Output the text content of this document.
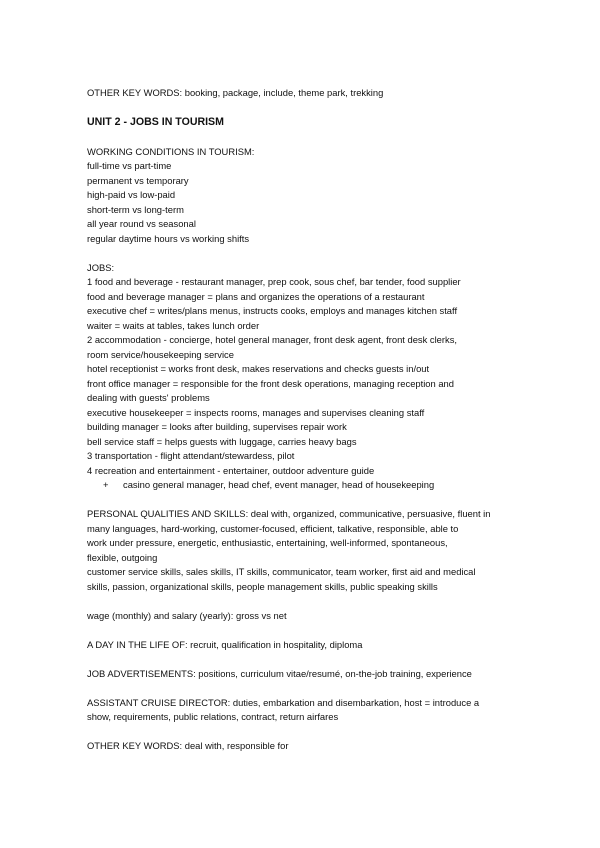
OTHER KEY WORDS: booking, package, include, theme park, trekking
UNIT 2 - JOBS IN TOURISM
WORKING CONDITIONS IN TOURISM:
full-time vs part-time
permanent vs temporary
high-paid vs low-paid
short-term vs long-term
all year round vs seasonal
regular daytime hours vs working shifts
JOBS:
1 food and beverage - restaurant manager, prep cook, sous chef, bar tender, food supplier
food and beverage manager = plans and organizes the operations of a restaurant
executive chef = writes/plans menus, instructs cooks, employs and manages kitchen staff
waiter = waits at tables, takes lunch order
2 accommodation - concierge, hotel general manager, front desk agent, front desk clerks,
room service/housekeeping service
hotel receptionist = works front desk, makes reservations and checks guests in/out
front office manager = responsible for the front desk operations, managing reception and
dealing with guests' problems
executive housekeeper = inspects rooms, manages and supervises cleaning staff
building manager = looks after building, supervises repair work
bell service staff = helps guests with luggage, carries heavy bags
3 transportation - flight attendant/stewardess, pilot
4 recreation and entertainment - entertainer, outdoor adventure guide
+ casino general manager, head chef, event manager, head of housekeeping
PERSONAL QUALITIES AND SKILLS: deal with, organized, communicative, persuasive, fluent in
many languages, hard-working, customer-focused, efficient, talkative, responsible, able to
work under pressure, energetic, enthusiastic, entertaining, well-informed, spontaneous,
flexible, outgoing
customer service skills, sales skills, IT skills, communicator, team worker, first aid and medical
skills, passion, organizational skills, people management skills, public speaking skills
wage (monthly) and salary (yearly): gross vs net
A DAY IN THE LIFE OF: recruit, qualification in hospitality, diploma
JOB ADVERTISEMENTS: positions, curriculum vitae/resumé, on-the-job training, experience
ASSISTANT CRUISE DIRECTOR: duties, embarkation and disembarkation, host = introduce a
show, requirements, public relations, contract, return airfares
OTHER KEY WORDS: deal with, responsible for
